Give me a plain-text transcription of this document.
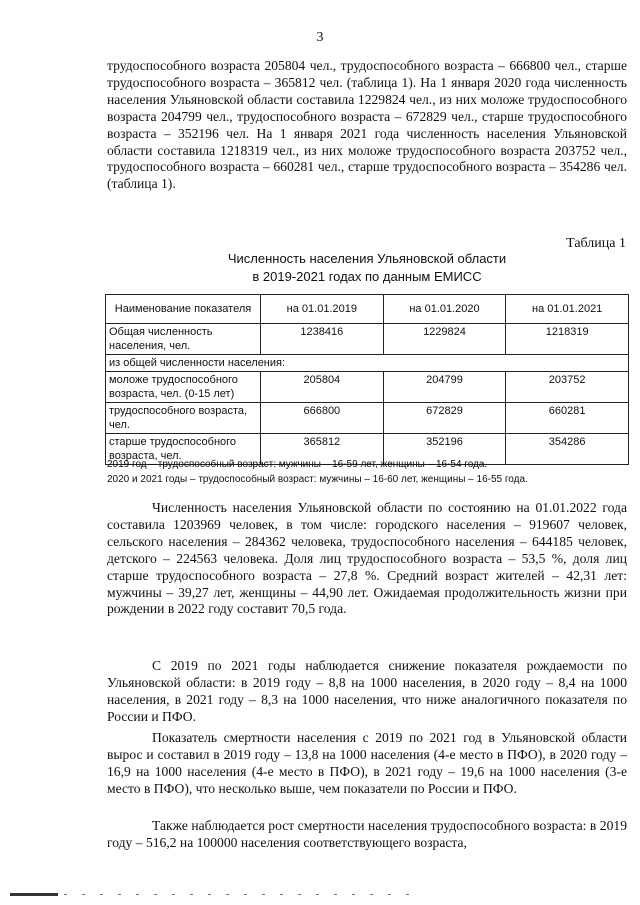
3

трудоспособного возраста 205804 чел., трудоспособного возраста – 666800 чел., старше трудоспособного возраста – 365812 чел. (таблица 1). На 1 января 2020 года численность населения Ульяновской области составила 1229824 чел., из них моложе трудоспособного возраста 204799 чел., трудоспособного возраста – 672829 чел., старше трудоспособного возраста – 352196 чел. На 1 января 2021 года численность населения Ульяновской области составила 1218319 чел., из них моложе трудоспособного возраста 203752 чел., трудоспособного возраста – 660281 чел., старше трудоспособного возраста – 354286 чел. (таблица 1).

Таблица 1
Численность населения Ульяновской области
в 2019-2021 годах по данным ЕМИСС
Наименование показателя	на 01.01.2019	на 01.01.2020	на 01.01.2021
Общая численность населения, чел.	1238416	1229824	1218319
из общей численности населения:			
моложе трудоспособного возраста, чел. (0-15 лет)	205804	204799	203752
трудоспособного возраста, чел.	666800	672829	660281
старше трудоспособного возраста, чел.	365812	352196	354286
2019 год – трудоспособный возраст: мужчины – 16-59 лет, женщины – 16-54 года.
2020 и 2021 годы – трудоспособный возраст: мужчины – 16-60 лет, женщины – 16-55 года.

Численность населения Ульяновской области по состоянию на 01.01.2022 года составила 1203969 человек, в том числе: городского населения – 919607 человек, сельского населения – 284362 человека, трудоспособного населения – 644185 человек, детского – 224563 человека. Доля лиц трудоспособного возраста – 53,5 %, доля лиц старше трудоспособного возраста – 27,8 %. Средний возраст жителей – 42,31 лет: мужчины – 39,27 лет, женщины – 44,90 лет. Ожидаемая продолжительность жизни при рождении в 2022 году составит 70,5 года.

С 2019 по 2021 годы наблюдается снижение показателя рождаемости по Ульяновской области: в 2019 году – 8,8 на 1000 населения, в 2020 году – 8,4 на 1000 населения, в 2021 году – 8,3 на 1000 населения, что ниже аналогичного показателя по России и ПФО.

Показатель смертности населения с 2019 по 2021 год в Ульяновской области вырос и составил в 2019 году – 13,8 на 1000 населения (4-е место в ПФО), в 2020 году – 16,9 на 1000 населения (4-е место в ПФО), в 2021 году – 19,6 на 1000 населения (3-е место в ПФО), что несколько выше, чем показатели по России и ПФО.

Также наблюдается рост смертности населения трудоспособного возраста: в 2019 году – 516,2 на 100000 населения соответствующего возраста,
